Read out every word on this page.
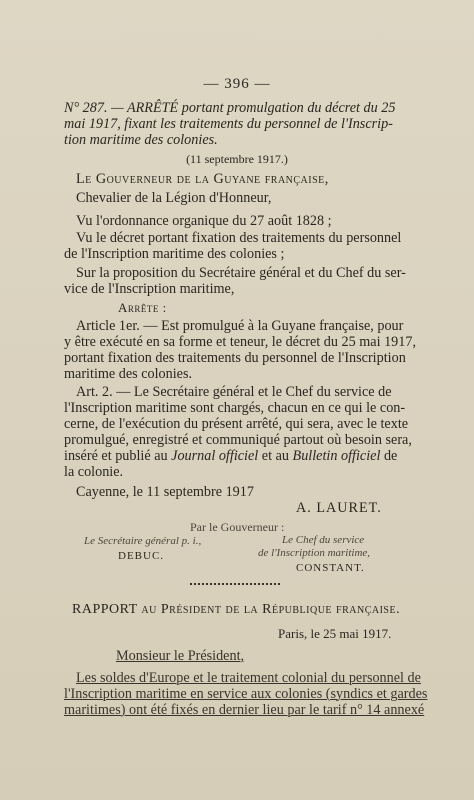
— 396 —
N° 287. — ARRÊTÉ portant promulgation du décret du 25
mai 1917, fixant les traitements du personnel de l'Inscrip-
tion maritime des colonies.
(11 septembre 1917.)
Le Gouverneur de la Guyane française,
Chevalier de la Légion d'Honneur,
Vu l'ordonnance organique du 27 août 1828 ;
Vu le décret portant fixation des traitements du personnel
de l'Inscription maritime des colonies ;
Sur la proposition du Secrétaire général et du Chef du ser-
vice de l'Inscription maritime,
Arrête :
Article 1er. — Est promulgué à la Guyane française, pour
y être exécuté en sa forme et teneur, le décret du 25 mai 1917,
portant fixation des traitements du personnel de l'Inscription
maritime des colonies.
Art. 2. — Le Secrétaire général et le Chef du service de
l'Inscription maritime sont chargés, chacun en ce qui le con-
cerne, de l'exécution du présent arrêté, qui sera, avec le texte
promulgué, enregistré et communiqué partout où besoin sera,
inséré et publié au Journal officiel et au Bulletin officiel de
la colonie.
Cayenne, le 11 septembre 1917
A. LAURET.
Par le Gouverneur :
Le Secrétaire général p. i.,
DEBUC.
Le Chef du service
de l'Inscription maritime,
CONSTANT.
RAPPORT au Président de la République française.
Paris, le 25 mai 1917.
Monsieur le Président,
Les soldes d'Europe et le traitement colonial du personnel de
l'Inscription maritime en service aux colonies (syndics et gardes
maritimes) ont été fixés en dernier lieu par le tarif n° 14 annexé
